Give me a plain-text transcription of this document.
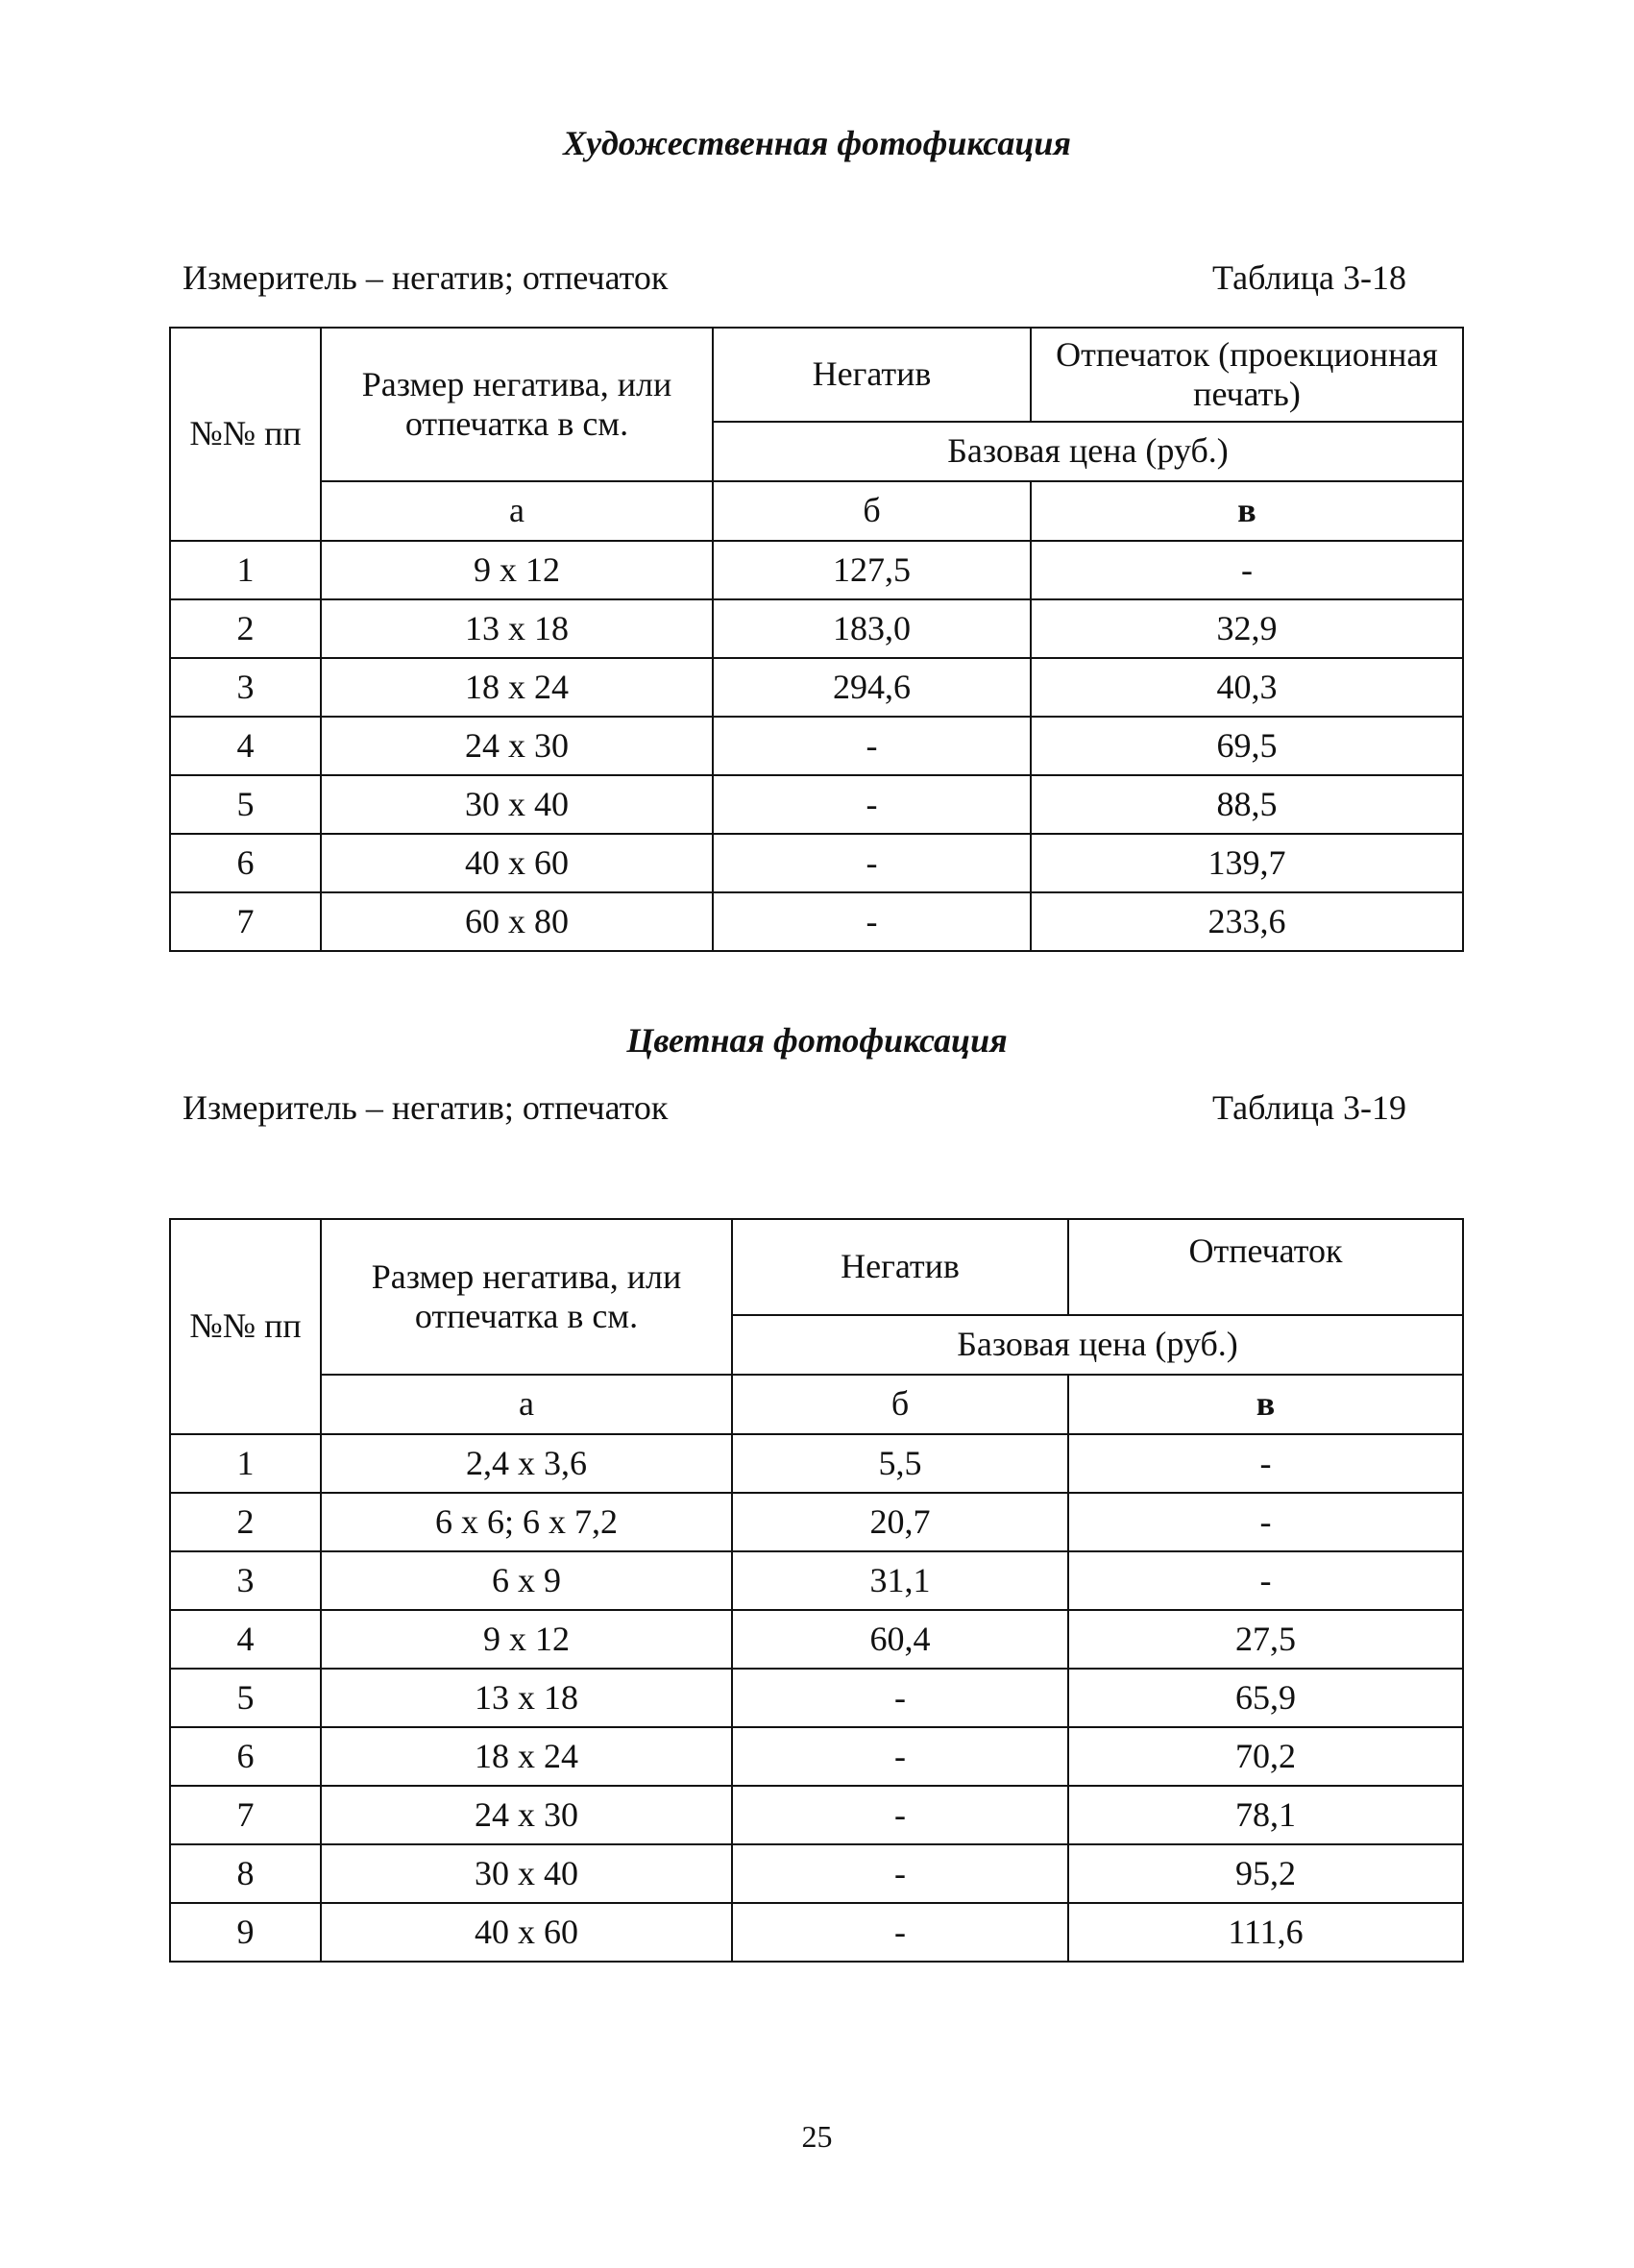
Художественная фотофиксация

Измеритель – негатив; отпечаток	Таблица 3-18

№№ пп	Размер негатива, или отпечатка в см.	Негатив	Отпечаток (проекционная печать)
		Базовая цена (руб.)	
	а	б	в
1	9 х 12	127,5	-
2	13 х 18	183,0	32,9
3	18 х 24	294,6	40,3
4	24 х 30	-	69,5
5	30 х 40	-	88,5
6	40 х 60	-	139,7
7	60 х 80	-	233,6
Цветная фотофиксация

Измеритель – негатив; отпечаток	Таблица 3-19

№№ пп	Размер негатива, или отпечатка в см.	Негатив	Отпечаток
		Базовая цена (руб.)	
	а	б	в
1	2,4 х 3,6	5,5	-
2	6 х 6; 6 х 7,2	20,7	-
3	6 х 9	31,1	-
4	9 х 12	60,4	27,5
5	13 х 18	-	65,9
6	18 х 24	-	70,2
7	24 х 30	-	78,1
8	30 х 40	-	95,2
9	40 х 60	-	111,6

25
